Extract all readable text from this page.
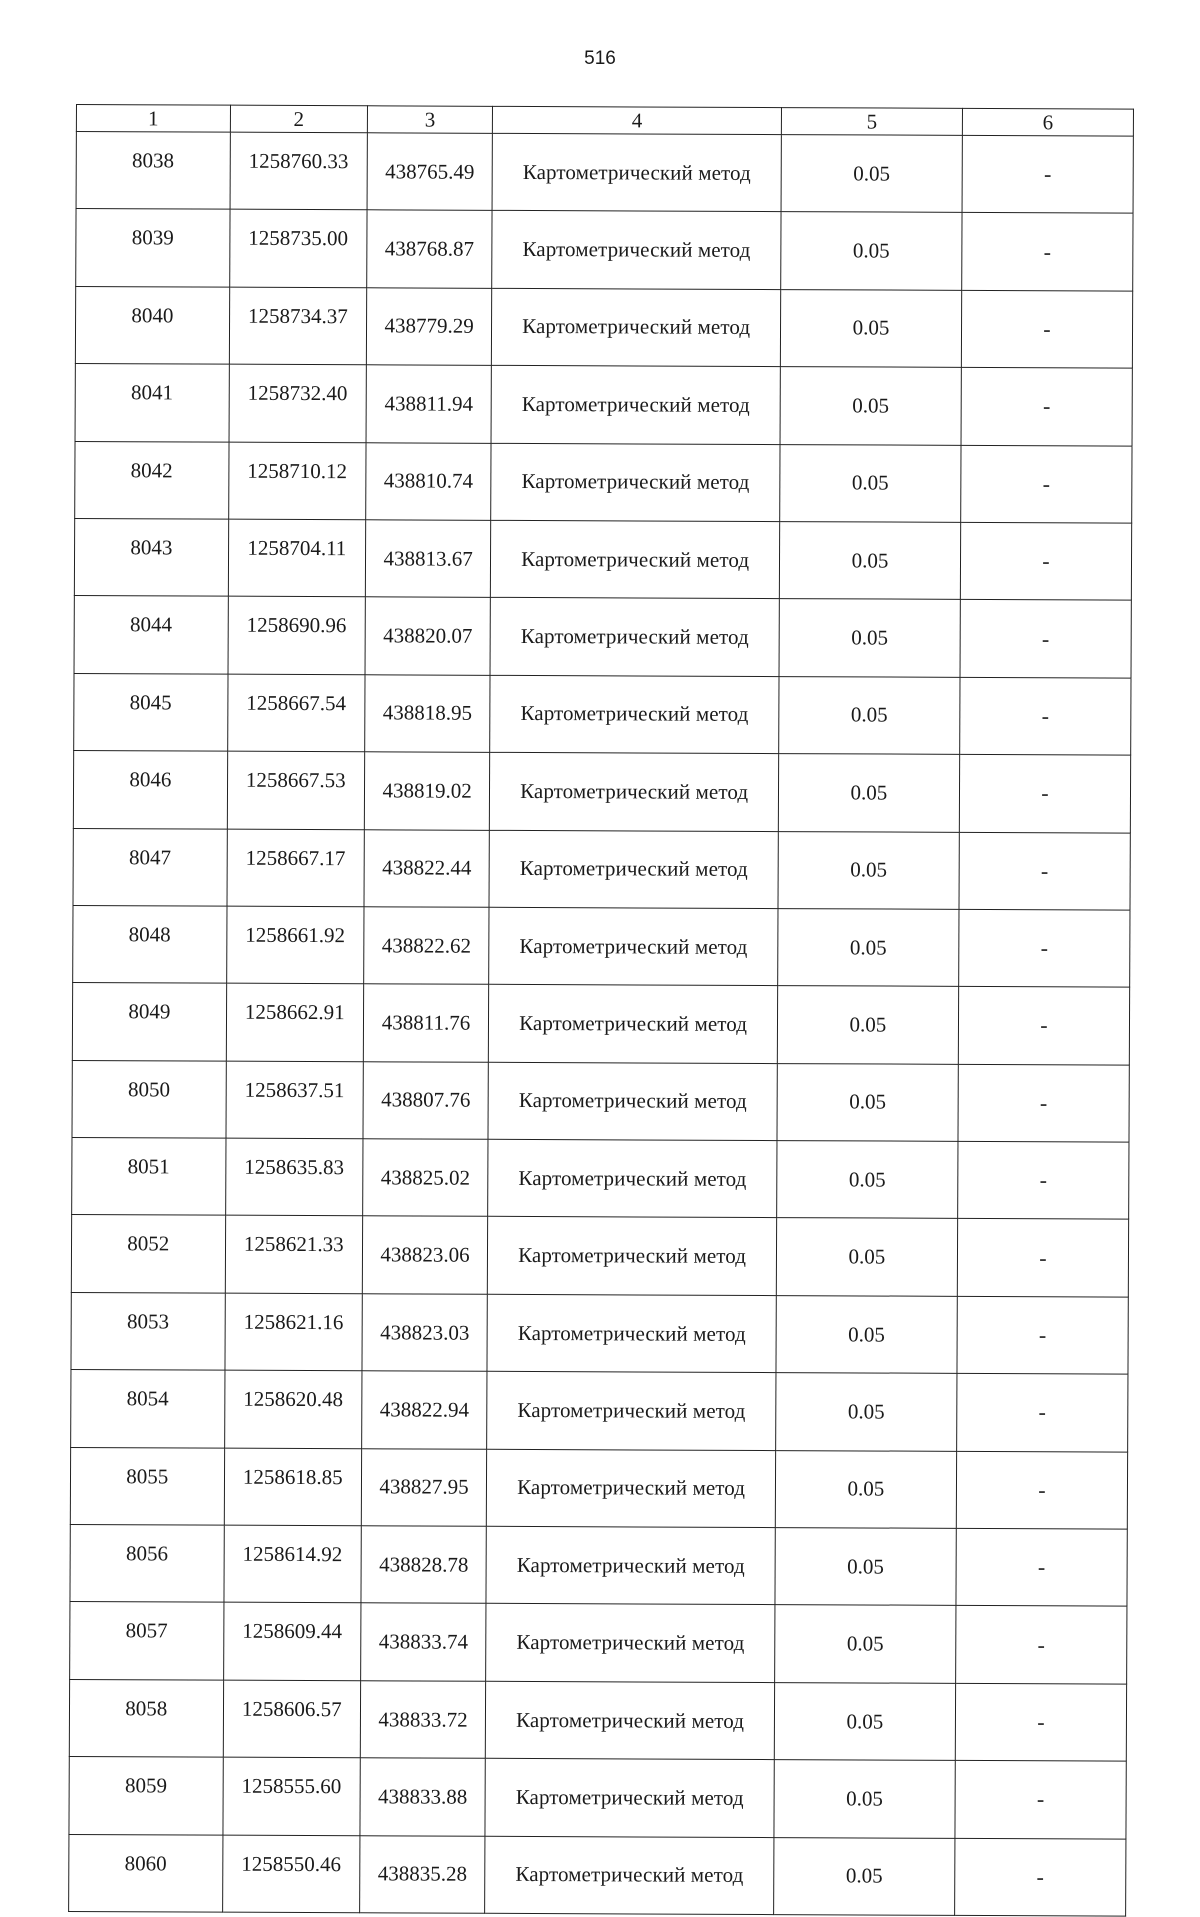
516
1	2	3	4	5	6
8038	1258760.33	438765.49	Картометрический метод	0.05	-
8039	1258735.00	438768.87	Картометрический метод	0.05	-
8040	1258734.37	438779.29	Картометрический метод	0.05	-
8041	1258732.40	438811.94	Картометрический метод	0.05	-
8042	1258710.12	438810.74	Картометрический метод	0.05	-
8043	1258704.11	438813.67	Картометрический метод	0.05	-
8044	1258690.96	438820.07	Картометрический метод	0.05	-
8045	1258667.54	438818.95	Картометрический метод	0.05	-
8046	1258667.53	438819.02	Картометрический метод	0.05	-
8047	1258667.17	438822.44	Картометрический метод	0.05	-
8048	1258661.92	438822.62	Картометрический метод	0.05	-
8049	1258662.91	438811.76	Картометрический метод	0.05	-
8050	1258637.51	438807.76	Картометрический метод	0.05	-
8051	1258635.83	438825.02	Картометрический метод	0.05	-
8052	1258621.33	438823.06	Картометрический метод	0.05	-
8053	1258621.16	438823.03	Картометрический метод	0.05	-
8054	1258620.48	438822.94	Картометрический метод	0.05	-
8055	1258618.85	438827.95	Картометрический метод	0.05	-
8056	1258614.92	438828.78	Картометрический метод	0.05	-
8057	1258609.44	438833.74	Картометрический метод	0.05	-
8058	1258606.57	438833.72	Картометрический метод	0.05	-
8059	1258555.60	438833.88	Картометрический метод	0.05	-
8060	1258550.46	438835.28	Картометрический метод	0.05	-
